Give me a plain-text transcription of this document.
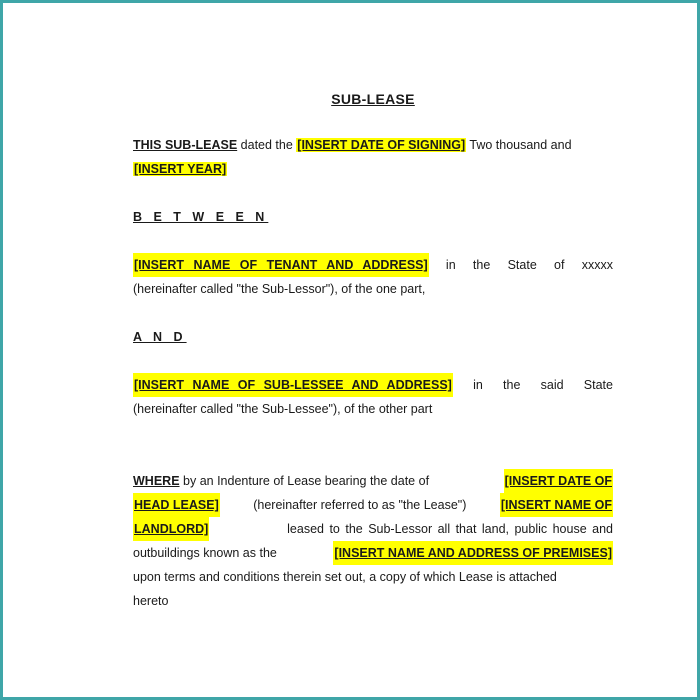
SUB-LEASE
THIS SUB-LEASE dated the [INSERT DATE OF SIGNING] Two thousand and
[INSERT YEAR]
B E T W E E N
[INSERT NAME OF TENANT AND ADDRESS] in the State of xxxxx
(hereinafter called "the Sub-Lessor"), of the one part,
A N D
[INSERT NAME OF SUB-LESSEE AND ADDRESS] in the said State
(hereinafter called "the Sub-Lessee"), of the other part
WHERE by an Indenture of Lease bearing the date of	[INSERT DATE OF
HEAD LEASE]	(hereinafter referred to as "the Lease")	[INSERT NAME OF
LANDLORD]	leased to the Sub-Lessor all that land, public house and
outbuildings known as the	[INSERT NAME AND ADDRESS OF PREMISES]
upon terms and conditions therein set out, a copy of which Lease is attached
hereto
